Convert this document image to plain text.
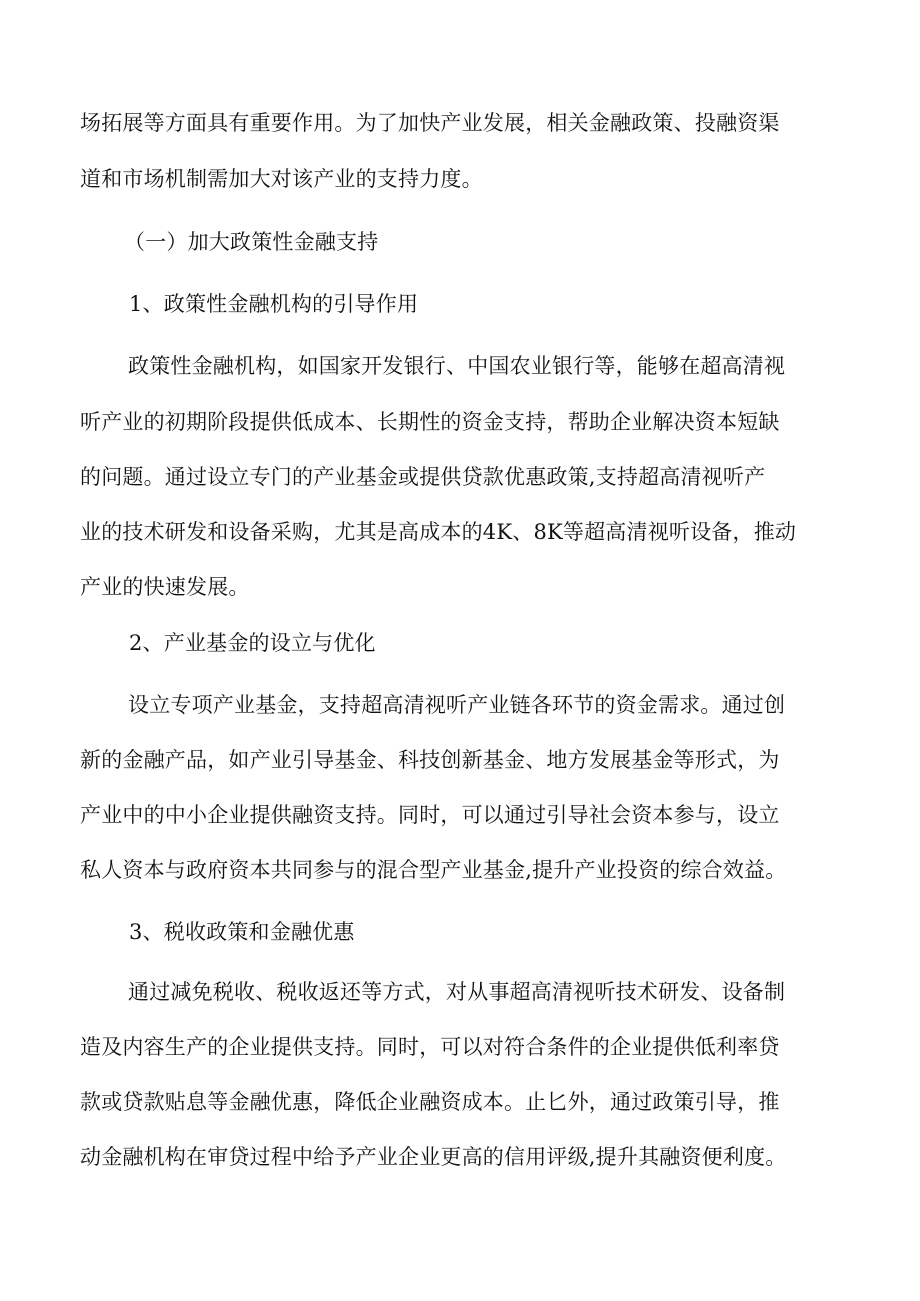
场拓展等方面具有重要作用。为了加快产业发展，相关金融政策、投融资渠
道和市场机制需加大对该产业的支持力度。
（一）加大政策性金融支持
1、政策性金融机构的引导作用
政策性金融机构，如国家开发银行、中国农业银行等，能够在超高清视
听产业的初期阶段提供低成本、长期性的资金支持，帮助企业解决资本短缺
的问题。通过设立专门的产业基金或提供贷款优惠政策,支持超高清视听产
业的技术研发和设备采购，尤其是高成本的4K、8K等超高清视听设备，推动
产业的快速发展。
2、产业基金的设立与优化
设立专项产业基金，支持超高清视听产业链各环节的资金需求。通过创
新的金融产品，如产业引导基金、科技创新基金、地方发展基金等形式，为
产业中的中小企业提供融资支持。同时，可以通过引导社会资本参与，设立
私人资本与政府资本共同参与的混合型产业基金,提升产业投资的综合效益。
3、税收政策和金融优惠
通过减免税收、税收返还等方式，对从事超高清视听技术研发、设备制
造及内容生产的企业提供支持。同时，可以对符合条件的企业提供低利率贷
款或贷款贴息等金融优惠，降低企业融资成本。止匕外，通过政策引导，推
动金融机构在审贷过程中给予产业企业更高的信用评级,提升其融资便利度。
